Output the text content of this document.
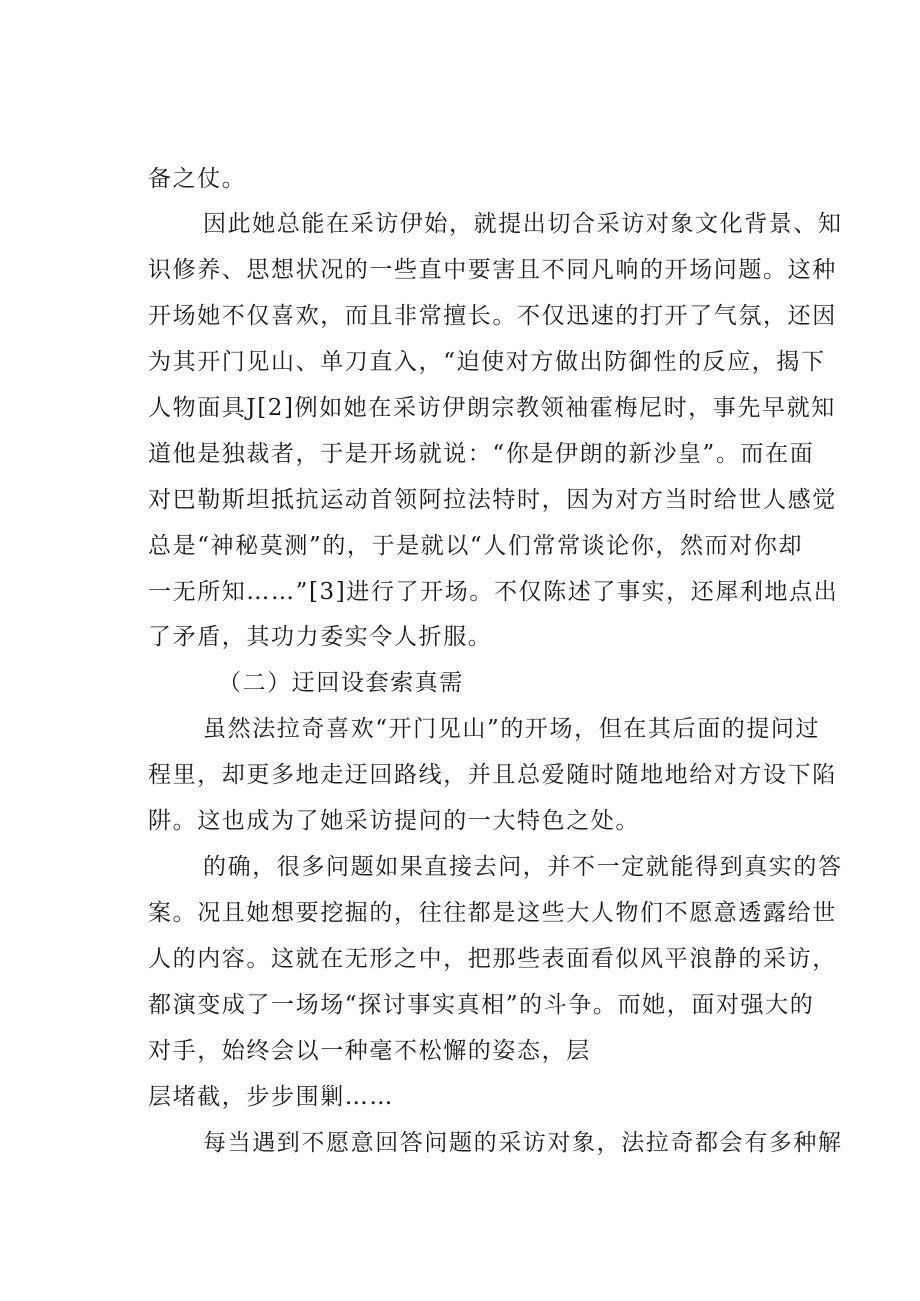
备之仗。
因此她总能在采访伊始，就提出切合采访对象文化背景、知
识修养、思想状况的一些直中要害且不同凡响的开场问题。这种
开场她不仅喜欢，而且非常擅长。不仅迅速的打开了气氛，还因
为其开门见山、单刀直入，“迫使对方做出防御性的反应，揭下
人物面具J[2]例如她在采访伊朗宗教领袖霍梅尼时，事先早就知
道他是独裁者，于是开场就说：“你是伊朗的新沙皇”。而在面
对巴勒斯坦抵抗运动首领阿拉法特时，因为对方当时给世人感觉
总是“神秘莫测”的，于是就以“人们常常谈论你，然而对你却
一无所知……”[3]进行了开场。不仅陈述了事实，还犀利地点出
了矛盾，其功力委实令人折服。
（二）迂回设套索真需
虽然法拉奇喜欢“开门见山”的开场，但在其后面的提问过
程里，却更多地走迂回路线，并且总爱随时随地地给对方设下陷
阱。这也成为了她采访提问的一大特色之处。
的确，很多问题如果直接去问，并不一定就能得到真实的答
案。况且她想要挖掘的，往往都是这些大人物们不愿意透露给世
人的内容。这就在无形之中，把那些表面看似风平浪静的采访，
都演变成了一场场“探讨事实真相”的斗争。而她，面对强大的
对手，始终会以一种毫不松懈的姿态，层
层堵截，步步围剿……
每当遇到不愿意回答问题的采访对象，法拉奇都会有多种解
